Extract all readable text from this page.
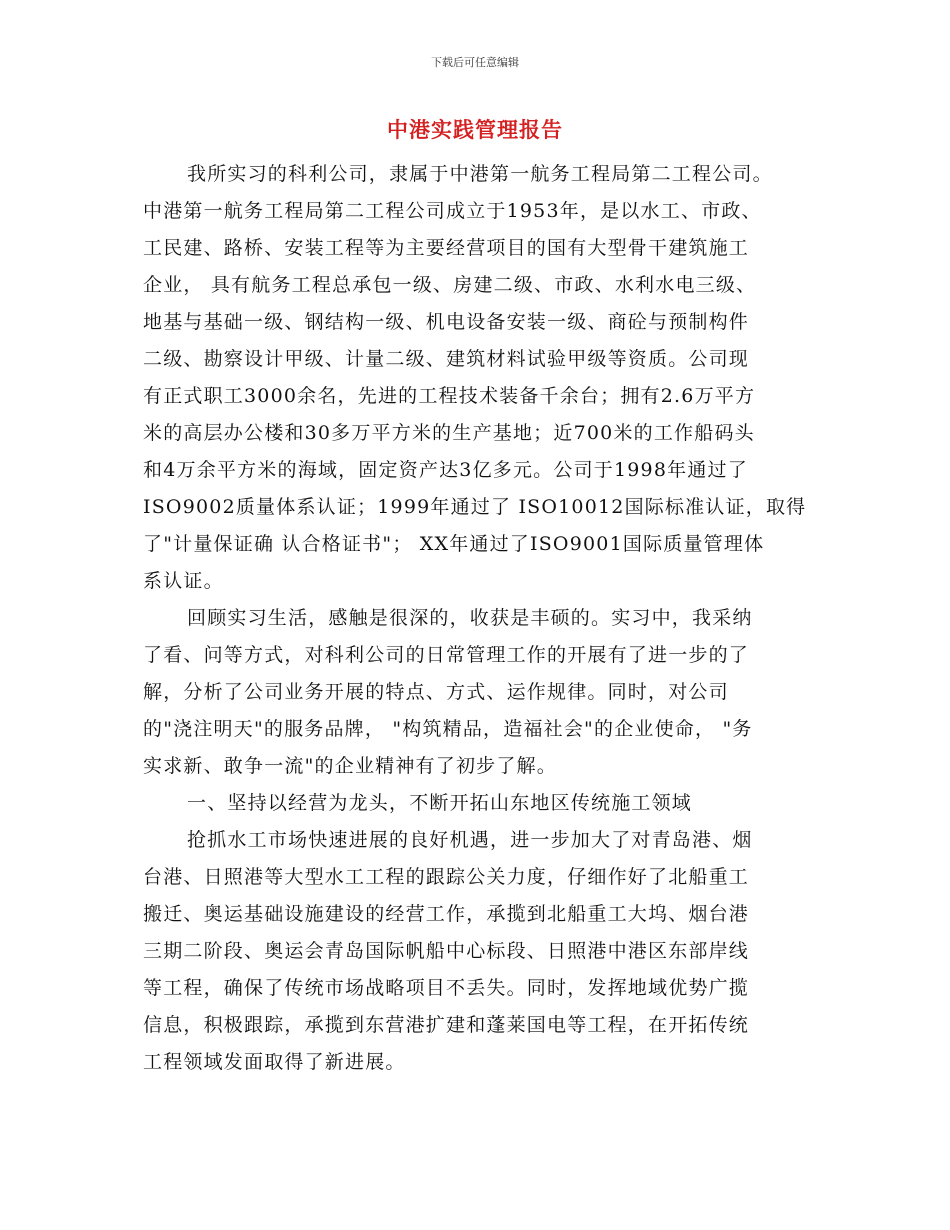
下载后可任意编辑
中港实践管理报告
我所实习的科利公司，隶属于中港第一航务工程局第二工程公司。
中港第一航务工程局第二工程公司成立于1953年，是以水工、市政、
工民建、路桥、安装工程等为主要经营项目的国有大型骨干建筑施工
企业， 具有航务工程总承包一级、房建二级、市政、水利水电三级、
地基与基础一级、钢结构一级、机电设备安装一级、商砼与预制构件
二级、勘察设计甲级、计量二级、建筑材料试验甲级等资质。公司现
有正式职工3000余名，先进的工程技术装备千余台；拥有2.6万平方
米的高层办公楼和30多万平方米的生产基地；近700米的工作船码头
和4万余平方米的海域，固定资产达3亿多元。公司于1998年通过了
ISO9002质量体系认证；1999年通过了 ISO10012国际标准认证，取得
了"计量保证确 认合格证书"； XX年通过了ISO9001国际质量管理体
系认证。
回顾实习生活，感触是很深的，收获是丰硕的。实习中，我采纳
了看、问等方式，对科利公司的日常管理工作的开展有了进一步的了
解，分析了公司业务开展的特点、方式、运作规律。同时，对公司
的"浇注明天"的服务品牌， "构筑精品，造福社会"的企业使命， "务
实求新、敢争一流"的企业精神有了初步了解。
一、坚持以经营为龙头，不断开拓山东地区传统施工领域
抢抓水工市场快速进展的良好机遇，进一步加大了对青岛港、烟
台港、日照港等大型水工工程的跟踪公关力度，仔细作好了北船重工
搬迁、奥运基础设施建设的经营工作，承揽到北船重工大坞、烟台港
三期二阶段、奥运会青岛国际帆船中心标段、日照港中港区东部岸线
等工程，确保了传统市场战略项目不丢失。同时，发挥地域优势广揽
信息，积极跟踪，承揽到东营港扩建和蓬莱国电等工程，在开拓传统
工程领域发面取得了新进展。
